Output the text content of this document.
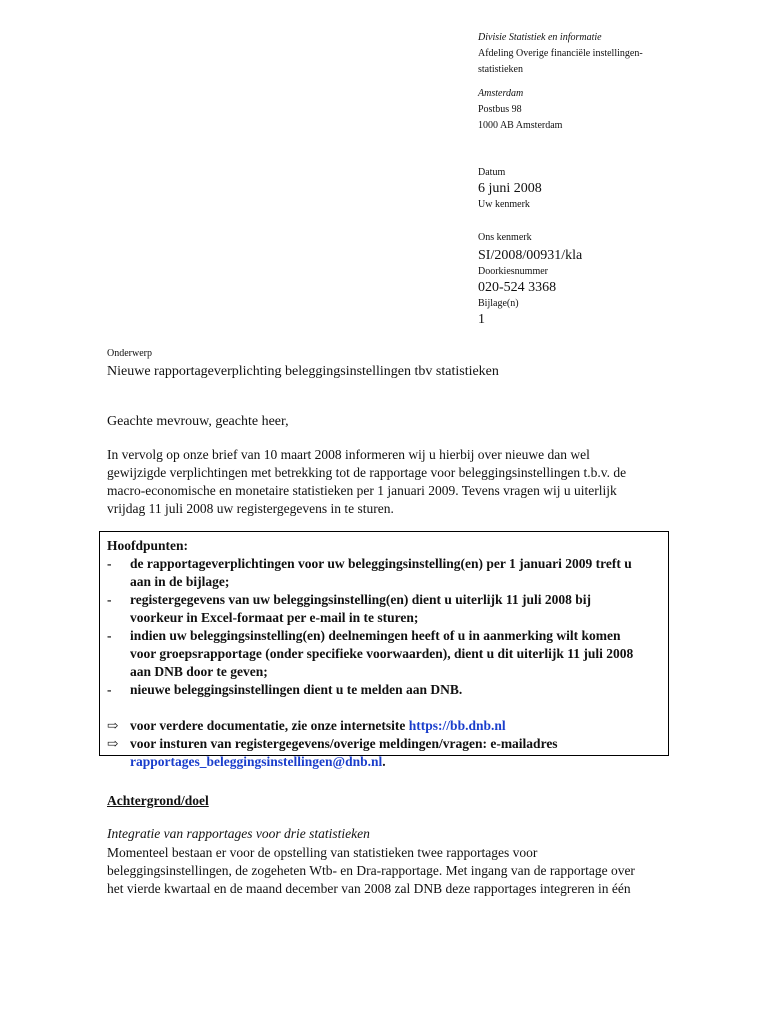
Divisie Statistiek en informatie
Afdeling Overige financiële instellingen-
statistieken
Amsterdam
Postbus 98
1000 AB Amsterdam
Datum
6 juni 2008
Uw kenmerk
Ons kenmerk
SI/2008/00931/kla
Doorkiesnummer
020-524 3368
Bijlage(n)
1
Onderwerp
Nieuwe rapportageverplichting beleggingsinstellingen tbv statistieken
Geachte mevrouw, geachte heer,
In vervolg op onze brief van 10 maart 2008 informeren wij u hierbij over nieuwe dan wel
gewijzigde verplichtingen met betrekking tot de rapportage voor beleggingsinstellingen t.b.v. de
macro-economische en monetaire statistieken per 1 januari 2009. Tevens vragen wij u uiterlijk
vrijdag 11 juli 2008 uw registergegevens in te sturen.
Hoofdpunten:
- de rapportageverplichtingen voor uw beleggingsinstelling(en) per 1 januari 2009 treft u
aan in de bijlage;
- registergegevens van uw beleggingsinstelling(en) dient u uiterlijk 11 juli 2008 bij
voorkeur in Excel-formaat per e-mail in te sturen;
- indien uw beleggingsinstelling(en) deelnemingen heeft of u in aanmerking wilt komen
voor groepsrapportage (onder specifieke voorwaarden), dient u dit uiterlijk 11 juli 2008
aan DNB door te geven;
- nieuwe beleggingsinstellingen dient u te melden aan DNB.
⇨ voor verdere documentatie, zie onze internetsite https://bb.dnb.nl
⇨ voor insturen van registergegevens/overige meldingen/vragen: e-mailadres
rapportages_beleggingsinstellingen@dnb.nl.
Achtergrond/doel
Integratie van rapportages voor drie statistieken
Momenteel bestaan er voor de opstelling van statistieken twee rapportages voor
beleggingsinstellingen, de zogeheten Wtb- en Dra-rapportage. Met ingang van de rapportage over
het vierde kwartaal en de maand december van 2008 zal DNB deze rapportages integreren in één
